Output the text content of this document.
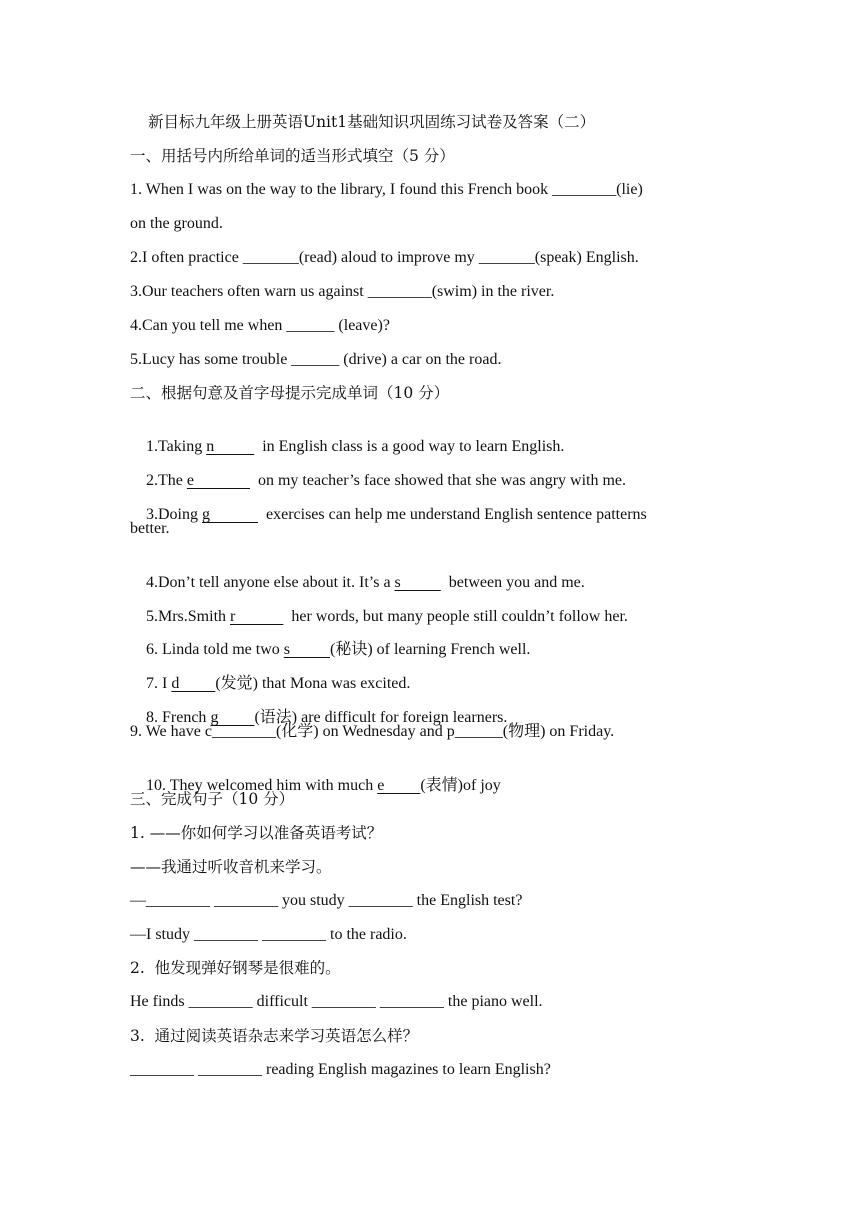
新目标九年级上册英语Unit1基础知识巩固练习试卷及答案（二）
一、用括号内所给单词的适当形式填空（5 分）
1. When I was on the way to the library, I found this French book ________(lie)
on the ground.
2.I often practice _______(read) aloud to improve my _______(speak) English.
3.Our teachers often warn us against ________(swim) in the river.
4.Can you tell me when ______ (leave)?
5.Lucy has some trouble ______ (drive) a car on the road.
二、根据句意及首字母提示完成单词（10 分）

1.Taking n            in English class is a good way to learn English.

2.The e                on my teacher’s face showed that she was angry with me.

3.Doing g              exercises can help me understand English sentence patterns

better.

4.Don’t tell anyone else about it. It’s a s            between you and me.

5.Mrs.Smith r              her words, but many people still couldn’t follow her.

6. Linda told me two s          (秘诀) of learning French well.

7. I d         (发觉) that Mona was excited.

8. French g         (语法) are difficult for foreign learners.

9. We have c________(化学) on Wednesday and p______(物理) on Friday.

10. They welcomed him with much e         (表情)of joy

三、完成句子（10 分）
1. ——你如何学习以准备英语考试？
——我通过听收音机来学习。
—________ ________ you study ________ the English test?
—I study ________ ________ to the radio.
2.  他发现弹好钢琴是很难的。
He finds ________ difficult ________ ________ the piano well.
3.  通过阅读英语杂志来学习英语怎么样？
________ ________ reading English magazines to learn English?
